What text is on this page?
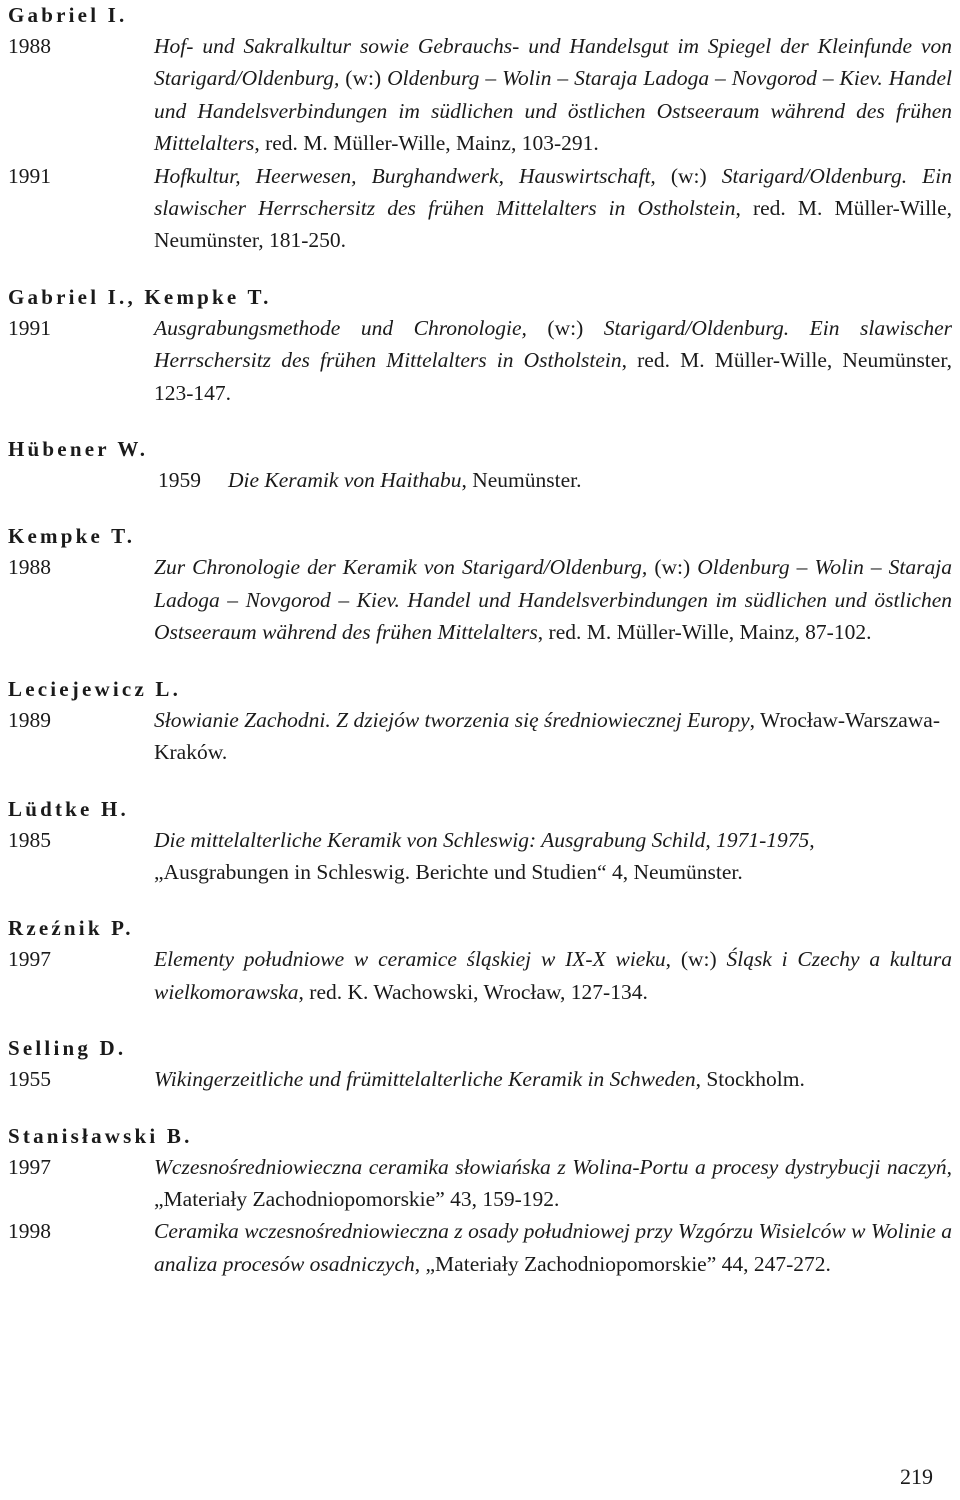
Gabriel I.
1988	Hof- und Sakralkultur sowie Gebrauchs- und Handelsgut im Spiegel der Kleinfunde von Starigard/Oldenburg, (w:) Oldenburg – Wolin – Staraja Ladoga – Novgorod – Kiev. Handel und Handelsverbindungen im südlichen und östlichen Ostseeraum während des frühen Mittelalters, red. M. Müller-Wille, Mainz, 103-291.
1991	Hofkultur, Heerwesen, Burghandwerk, Hauswirtschaft, (w:) Starigard/Oldenburg. Ein slawischer Herrschersitz des frühen Mittelalters in Ostholstein, red. M. Müller-Wille, Neumünster, 181-250.
Gabriel I., Kempke T.
1991	Ausgrabungsmethode und Chronologie, (w:) Starigard/Oldenburg. Ein slawischer Herrschersitz des frühen Mittelalters in Ostholstein, red. M. Müller-Wille, Neumünster, 123-147.
Hübener W.
1959	Die Keramik von Haithabu, Neumünster.
Kempke T.
1988	Zur Chronologie der Keramik von Starigard/Oldenburg, (w:) Oldenburg – Wolin – Staraja Ladoga – Novgorod – Kiev. Handel und Handelsverbindungen im südlichen und östlichen Ostseeraum während des frühen Mittelalters, red. M. Müller-Wille, Mainz, 87-102.
Leciejewicz L.
1989	Słowianie Zachodni. Z dziejów tworzenia się średniowiecznej Europy, Wrocław-Warszawa-Kraków.
Lüdtke H.
1985	Die mittelalterliche Keramik von Schleswig: Ausgrabung Schild, 1971-1975, „Ausgrabungen in Schleswig. Berichte und Studien“ 4, Neumünster.
Rzeźnik P.
1997	Elementy południowe w ceramice śląskiej w IX-X wieku, (w:) Śląsk i Czechy a kultura wielkomorawska, red. K. Wachowski, Wrocław, 127-134.
Selling D.
1955	Wikingerzeitliche und frümittelalterliche Keramik in Schweden, Stockholm.
Stanisławski B.
1997	Wczesnośredniowieczna ceramika słowiańska z Wolina-Portu a procesy dystrybucji naczyń, „Materiały Zachodniopomorskie” 43, 159-192.
1998	Ceramika wczesnośredniowieczna z osady południowej przy Wzgórzu Wisielców w Wolinie a analiza procesów osadniczych, „Materiały Zachodniopomorskie” 44, 247-272.
219
